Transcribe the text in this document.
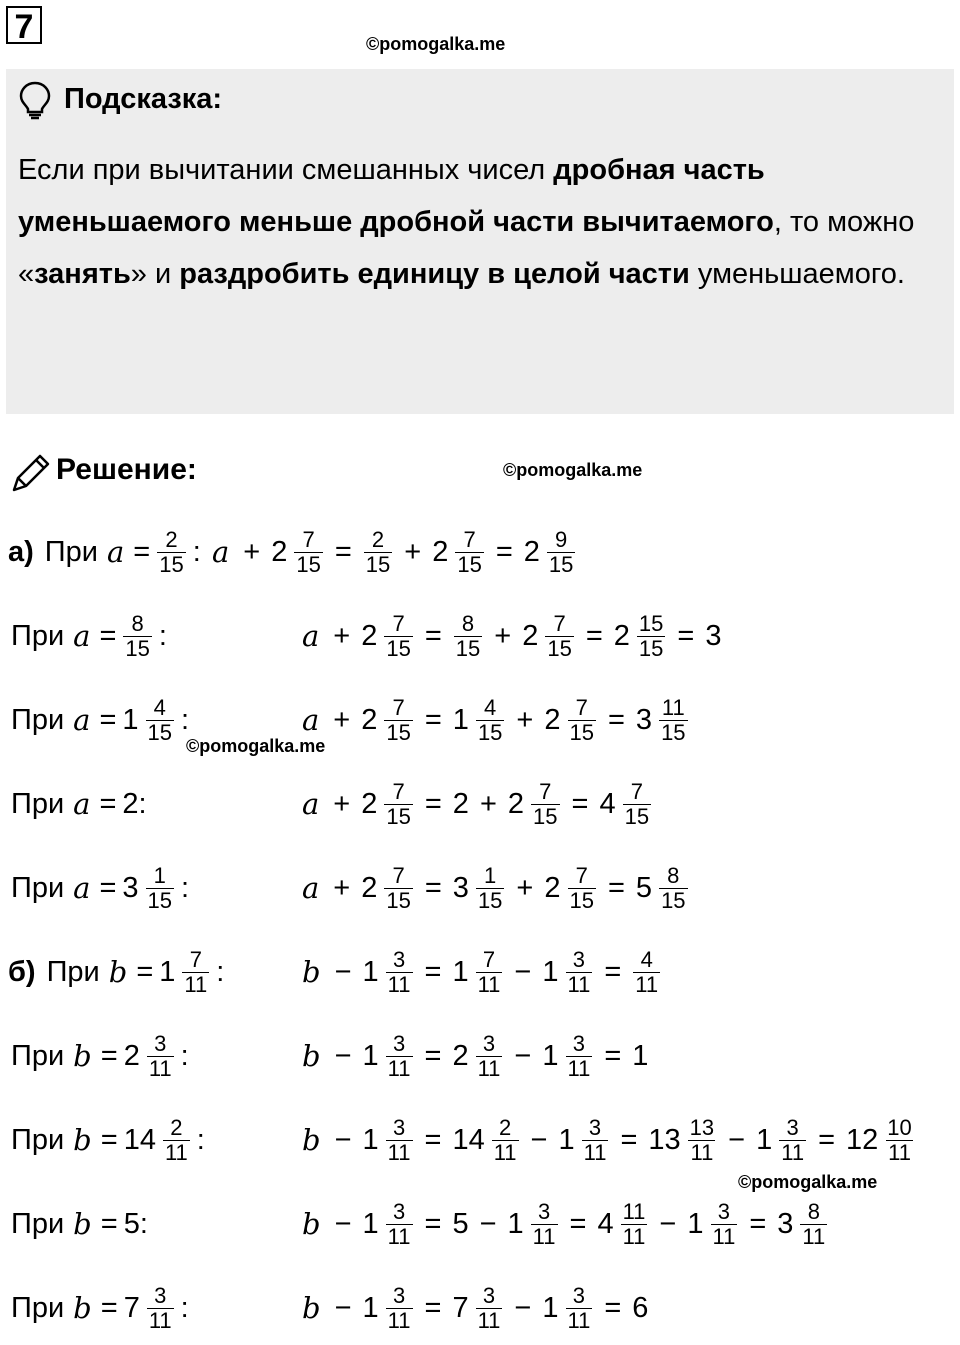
7	©pomogalka.me
Подсказка:
Если при вычитании смешанных чисел дробная часть уменьшаемого меньше дробной части вычитаемого, то можно «занять» и раздробить единицу в целой части уменьшаемого.
Решение:	©pomogalka.me
а) При $a = \frac{2}{15}$ : $a + 2 \frac{7}{15} = \frac{2}{15} + 2 \frac{7}{15} = 2 \frac{9}{15}$
При $a = \frac{8}{15}$ :	$a + 2 \frac{7}{15} = \frac{8}{15} + 2 \frac{7}{15} = 2 \frac{15}{15} = 3$
При $a = 1 \frac{4}{15}$ :	$a + 2 \frac{7}{15} = 1 \frac{4}{15} + 2 \frac{7}{15} = 3 \frac{11}{15}$
При a = 2:	$a + 2 \frac{7}{15} = 2 + 2 \frac{7}{15} = 4 \frac{7}{15}$
При $a = 3 \frac{1}{15}$ :	$a + 2 \frac{7}{15} = 3 \frac{1}{15} + 2 \frac{7}{15} = 5 \frac{8}{15}$
б) При $b = 1 \frac{7}{11}$ :	$b - 1 \frac{3}{11} = 1 \frac{7}{11} - 1 \frac{3}{11} = \frac{4}{11}$
При $b = 2 \frac{3}{11}$ :	$b - 1 \frac{3}{11} = 2 \frac{3}{11} - 1 \frac{3}{11} = 1$
При $b = 14 \frac{2}{11}$ :	$b - 1 \frac{3}{11} = 14 \frac{2}{11} - 1 \frac{3}{11} = 13 \frac{13}{11} - 1 \frac{3}{11} = 12 \frac{10}{11}$
При b = 5:	$b - 1 \frac{3}{11} = 5 - 1 \frac{3}{11} = 4 \frac{11}{11} - 1 \frac{3}{11} = 3 \frac{8}{11}$
При $b = 7 \frac{3}{11}$ :	$b - 1 \frac{3}{11} = 7 \frac{3}{11} - 1 \frac{3}{11} = 6$
©pomogalka.me
©pomogalka.me
